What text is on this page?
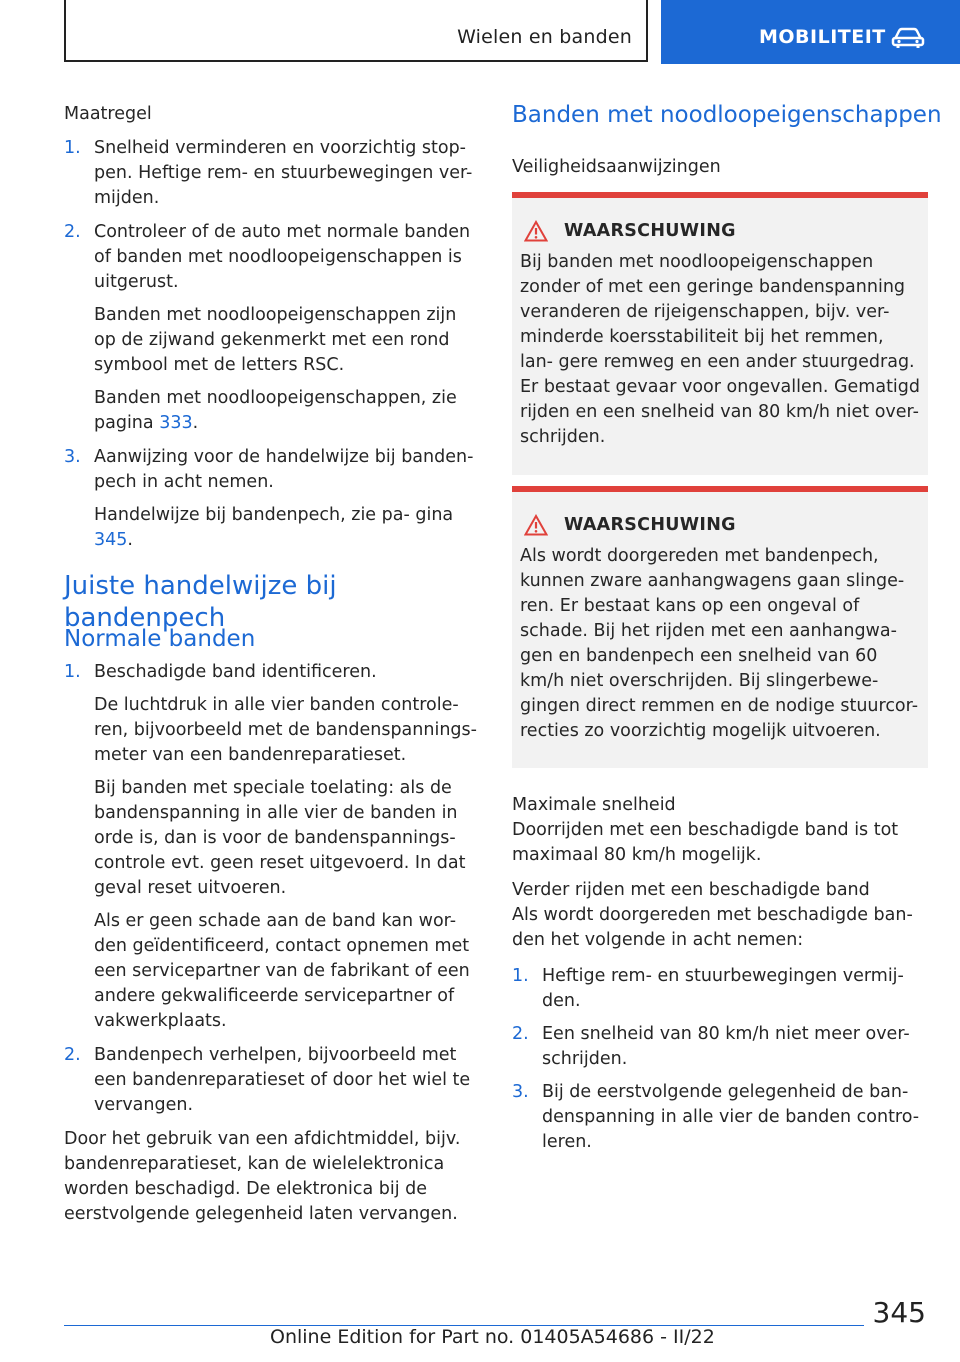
Wielen en banden	MOBILITEIT
Maatregel
1. Snelheid verminderen en voorzichtig stop- pen. Heftige rem- en stuurbewegingen ver- mijden.

2. Controleer of de auto met normale banden of banden met noodloopeigenschappen is uitgerust.

Banden met noodloopeigenschappen zijn op de zijwand gekenmerkt met een rond symbool met de letters RSC.

Banden met noodloopeigenschappen, zie pagina 333.

3. Aanwijzing voor de handelwijze bij banden- pech in acht nemen.

Handelwijze bij bandenpech, zie pa- gina 345.

Juiste handelwijze bij bandenpech
Normale banden
1. Beschadigde band identificeren.

De luchtdruk in alle vier banden controle- ren, bijvoorbeeld met de bandenspannings- meter van een bandenreparatieset.

Bij banden met speciale toelating: als de bandenspanning in alle vier de banden in orde is, dan is voor de bandenspannings- controle evt. geen reset uitgevoerd. In dat geval reset uitvoeren.

Als er geen schade aan de band kan wor- den geïdentificeerd, contact opnemen met een servicepartner van de fabrikant of een andere gekwalificeerde servicepartner of vakwerkplaats.

2. Bandenpech verhelpen, bijvoorbeeld met een bandenreparatieset of door het wiel te vervangen.

Door het gebruik van een afdichtmiddel, bijv. bandenreparatieset, kan de wielelektronica worden beschadigd. De elektronica bij de eerstvolgende gelegenheid laten vervangen.

Banden met noodloopeigenschappen
Veiligheidsaanwijzingen
WAARSCHUWING

Bij banden met noodloopeigenschappen zonder of met een geringe bandenspanning veranderen de rijeigenschappen, bijv. ver- minderde koersstabiliteit bij het remmen, lan- gere remweg en een ander stuurgedrag. Er bestaat gevaar voor ongevallen. Gematigd rijden en een snelheid van 80 km/h niet over- schrijden.

WAARSCHUWING

Als wordt doorgereden met bandenpech, kunnen zware aanhangwagens gaan slinge- ren. Er bestaat kans op een ongeval of schade. Bij het rijden met een aanhangwa- gen en bandenpech een snelheid van 60 km/h niet overschrijden. Bij slingerbewe- gingen direct remmen en de nodige stuurcor- recties zo voorzichtig mogelijk uitvoeren.

Maximale snelheid

Doorrijden met een beschadigde band is tot maximaal 80 km/h mogelijk.

Verder rijden met een beschadigde band

Als wordt doorgereden met beschadigde ban- den het volgende in acht nemen:

1. Heftige rem- en stuurbewegingen vermij- den.

2. Een snelheid van 80 km/h niet meer over- schrijden.

3. Bij de eerstvolgende gelegenheid de ban- denspanning in alle vier de banden contro- leren.

345
Online Edition for Part no. 01405A54686 - II/22
